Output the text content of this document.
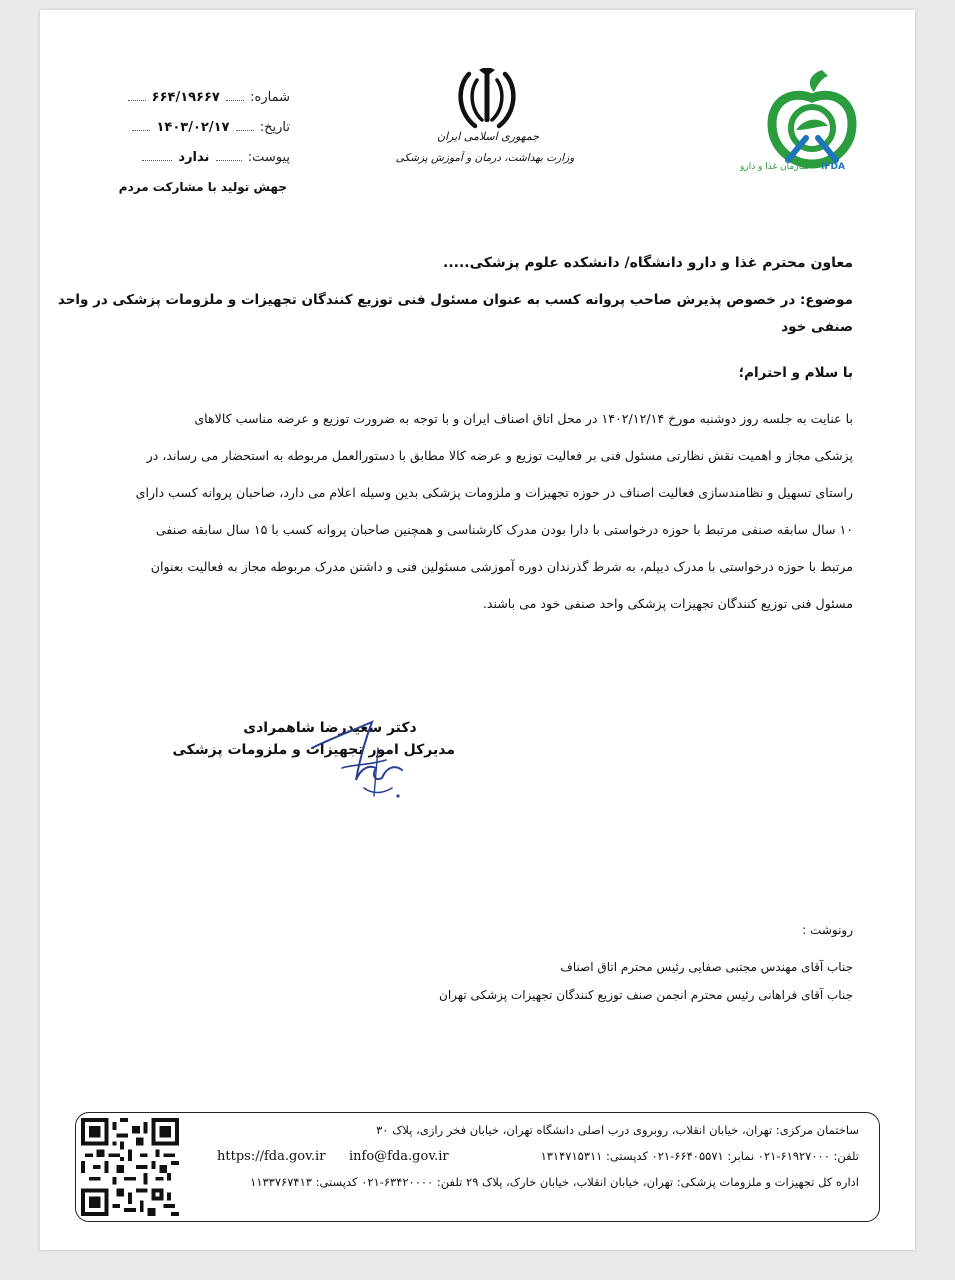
شماره:  ۶۶۴/۱۹۶۶۷
تاریخ:  ۱۴۰۳/۰۲/۱۷
پیوست:  ندارد
جهش تولید با مشارکت مردم
جمهوری اسلامی ایران
وزارت بهداشت، درمان و آموزش پزشکی
سازمان غذا و دارو IFDA
معاون محترم غذا و دارو دانشگاه/ دانشکده علوم پزشکی.....
موضوع: در خصوص پذیرش صاحب پروانه کسب به عنوان مسئول فنی توزیع کنندگان تجهیزات و ملزومات پزشکی در واحد
صنفی خود
با سلام و احترام؛
با عنایت به جلسه روز دوشنبه مورخ ۱۴۰۲/۱۲/۱۴ در محل اتاق اصناف ایران و با توجه به ضرورت توزیع و عرضه مناسب کالاهای
پزشکی مجاز و اهمیت نقش نظارتی مسئول فنی بر فعالیت توزیع و عرضه کالا مطابق با دستورالعمل مربوطه به استحضار می رساند، در
راستای تسهیل و نظامندسازی فعالیت اصناف در حوزه تجهیزات و ملزومات پزشکی بدین وسیله اعلام می دارد، صاحبان پروانه کسب دارای
۱۰ سال سابقه صنفی مرتبط با حوزه درخواستی با دارا بودن مدرک کارشناسی و همچنین صاحبان پروانه کسب با ۱۵ سال سابقه صنفی
مرتبط با حوزه درخواستی با مدرک دیپلم، به شرط گذرندان دوره آموزشی مسئولین فنی و داشتن مدرک مربوطه مجاز به فعالیت بعنوان
مسئول فنی توزیع کنندگان تجهیزات پزشکی واحد صنفی خود می باشند.
دکتر سعیدرضا شاهمرادی
مدیرکل امور تجهیزات و ملزومات پزشکی
رونوشت :
جناب آقای مهندس مجتبی صفایی رئیس محترم اتاق اصناف
جناب آقای فراهانی رئیس محترم انجمن صنف توزیع کنندگان تجهیزات پزشکی تهران
ساختمان مرکزی: تهران، خیابان انقلاب، روبروی درب اصلی دانشگاه تهران، خیابان فخر رازی، پلاک ۳۰
تلفن: ۶۱۹۲۷۰۰۰-۰۲۱ نمابر: ۶۶۴۰۵۵۷۱-۰۲۱ کدپستی: ۱۳۱۴۷۱۵۳۱۱
https://fda.gov.ir info@fda.gov.ir
اداره کل تجهیزات و ملزومات پزشکی: تهران، خیابان انقلاب، خیابان خارک، پلاک ۲۹ تلفن: ۶۳۴۲۰۰۰۰-۰۲۱ کدپستی: ۱۱۳۳۷۶۷۴۱۳
